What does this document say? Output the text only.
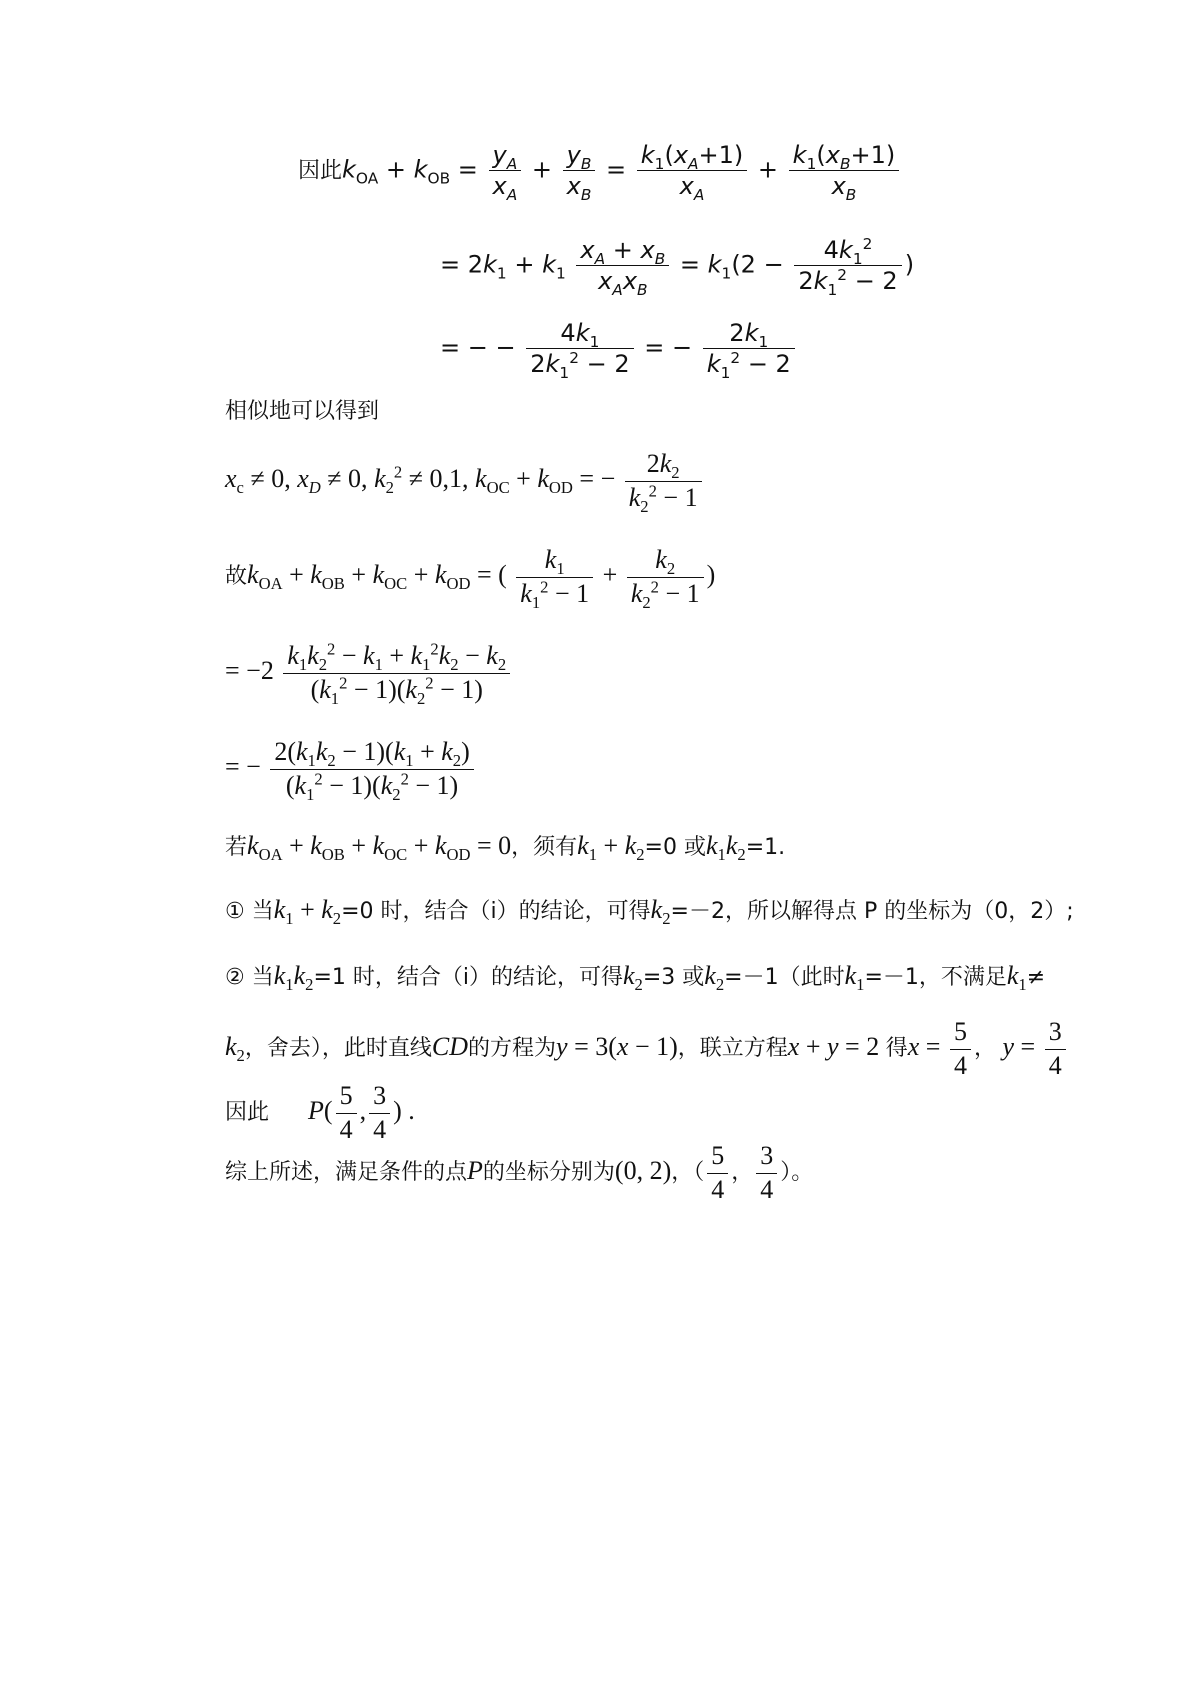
因此$k_{OA} + k_{OB} = \frac{y_A}{x_A} + \frac{y_B}{x_B} = \frac{k_1(x_A+1)}{x_A} + \frac{k_1(x_B+1)}{x_B}$
= $2k_1 + k_1 \frac{x_A + x_B}{x_Ax_B} = k_1(2 - \frac{4k_1^2}{2k_1^2 - 2}$ )
= − − $\frac{4k_1}{2k_1^2 - 2}$ = − $\frac{2k_1}{k_1^2 - 2}$
相似地可以得到
$x_c \ne 0$, $x_D \ne 0$, $k_2^2 \ne 0,1$, $k_{OC} + k_{OD}$ = − $\frac{2k_2}{k_2^2 - 1}$
故$k_{OA} + k_{OB} + k_{OC} + k_{OD}$ = ( $\frac{k_1}{k_1^2 - 1} + \frac{k_2}{k_2^2 - 1}$ )
= $-2 \frac{k_1k_2^2 - k_1 + k_1^2k_2 - k_2}{(k_1^2 - 1)(k_2^2 - 1)}$
= − $\frac{2(k_1k_2 - 1)(k_1 + k_2)}{(k_1^2 - 1)(k_2^2 - 1)}$
若$k_{OA} + k_{OB} + k_{OC} + k_{OD} = 0$，须有$k_1 + k_2=0$ 或$k_1k_2=1$.
① 当$k_1 + k_2=0$ 时，结合（ⅰ）的结论，可得$k_2=-2$，所以解得点 P 的坐标为（0，2）;
② 当$k_1k_2=1$ 时，结合（ⅰ）的结论，可得$k_2=3$ 或$k_2=-1$（此时$k_1=-1$，不满足$k_1\ne$
$k_2$，舍去），此时直线CD的方程为y = 3(x − 1)，联立方程x + y = 2 得$x = \frac{5}{4}$ ， $y = \frac{3}{4}$
因此 $P( \frac{5}{4}$ , $\frac{3}{4}$ ) .
综上所述，满足条件的点P的坐标分别为(0, 2)，（ $\frac{5}{4}$ ， $\frac{3}{4}$ ）。
